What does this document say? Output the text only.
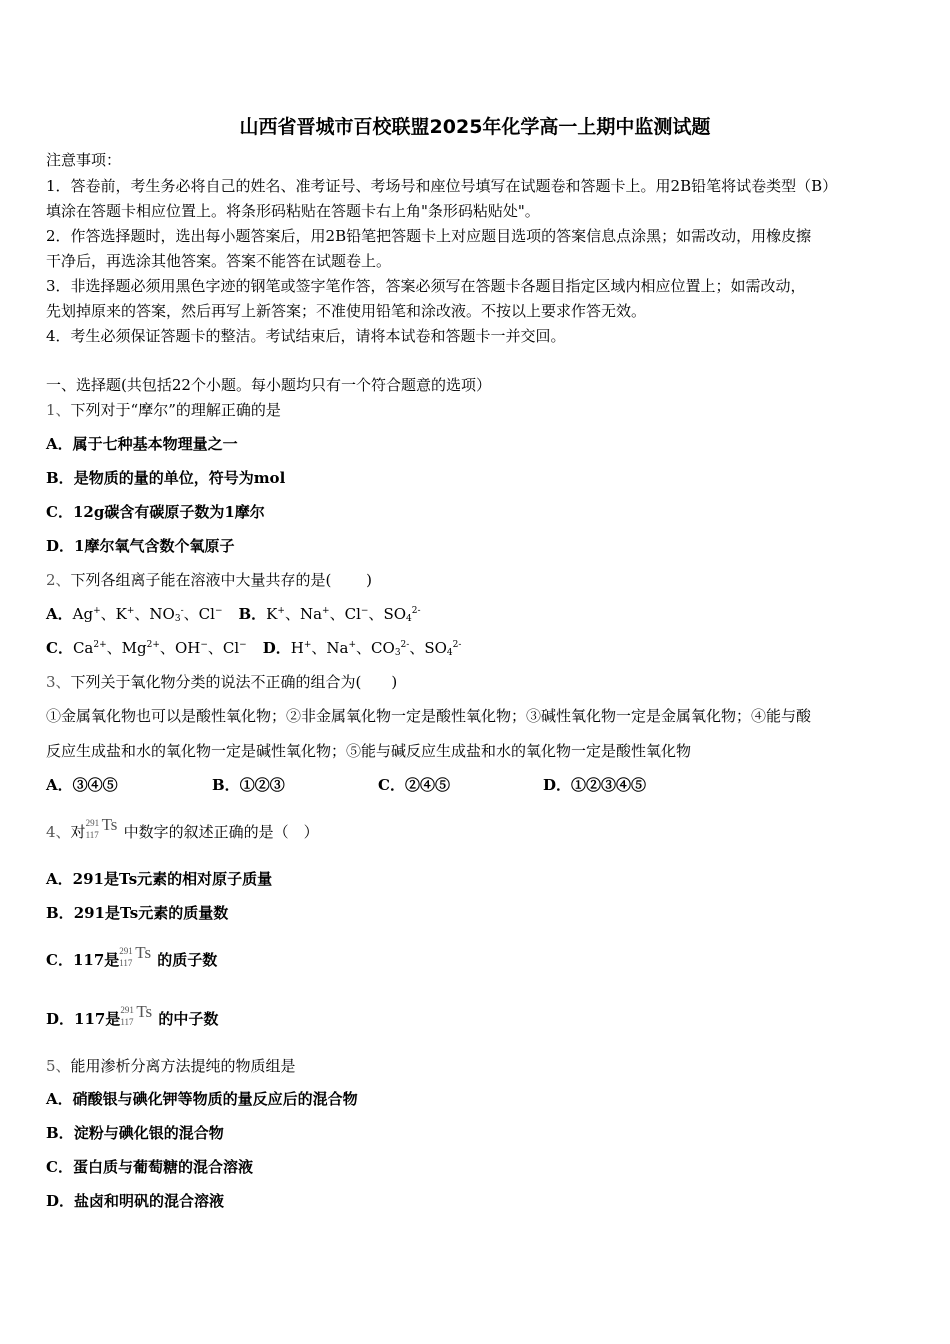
山西省晋城市百校联盟2025年化学高一上期中监测试题
注意事项：
1．答卷前，考生务必将自己的姓名、准考证号、考场号和座位号填写在试题卷和答题卡上。用2B铅笔将试卷类型（B）
填涂在答题卡相应位置上。将条形码粘贴在答题卡右上角"条形码粘贴处"。
2．作答选择题时，选出每小题答案后，用2B铅笔把答题卡上对应题目选项的答案信息点涂黑；如需改动，用橡皮擦
干净后，再选涂其他答案。答案不能答在试题卷上。
3．非选择题必须用黑色字迹的钢笔或签字笔作答，答案必须写在答题卡各题目指定区域内相应位置上；如需改动，
先划掉原来的答案，然后再写上新答案；不准使用铅笔和涂改液。不按以上要求作答无效。
4．考生必须保证答题卡的整洁。考试结束后，请将本试卷和答题卡一并交回。
一、选择题(共包括22个小题。每小题均只有一个符合题意的选项）
1、下列对于“摩尔”的理解正确的是
A．属于七种基本物理量之一
B．是物质的量的单位，符号为mol
C．12g碳含有碳原子数为1摩尔
D．1摩尔氧气含数个氧原子
2、下列各组离子能在溶液中大量共存的是(　　 )
A．Ag+、K+、$NO_3^-$、Cl− B．K+、Na+、Cl−、$SO_4^{2-}$
C．$Ca^{2+}$、$Mg^{2+}$、OH−、Cl− D．H+、Na+、$CO_3^{2-}$、$SO_4^{2-}$
3、下列关于氧化物分类的说法不正确的组合为(　　)
①金属氧化物也可以是酸性氧化物；②非金属氧化物一定是酸性氧化物；③碱性氧化物一定是金属氧化物；④能与酸
反应生成盐和水的氧化物一定是碱性氧化物；⑤能与碱反应生成盐和水的氧化物一定是酸性氧化物
A．③④⑤	B．①②③	C．②④⑤	D．①②③④⑤
4、对 291
117
Ts 中数字的叙述正确的是（　）
A．291是Ts元素的相对原子质量
B．291是Ts元素的质量数
C．117是 291
117
Ts 的质子数
D．117是 291
117
Ts 的中子数
5、能用渗析分离方法提纯的物质组是
A．硝酸银与碘化钾等物质的量反应后的混合物
B．淀粉与碘化银的混合物
C．蛋白质与葡萄糖的混合溶液
D．盐卤和明矾的混合溶液
